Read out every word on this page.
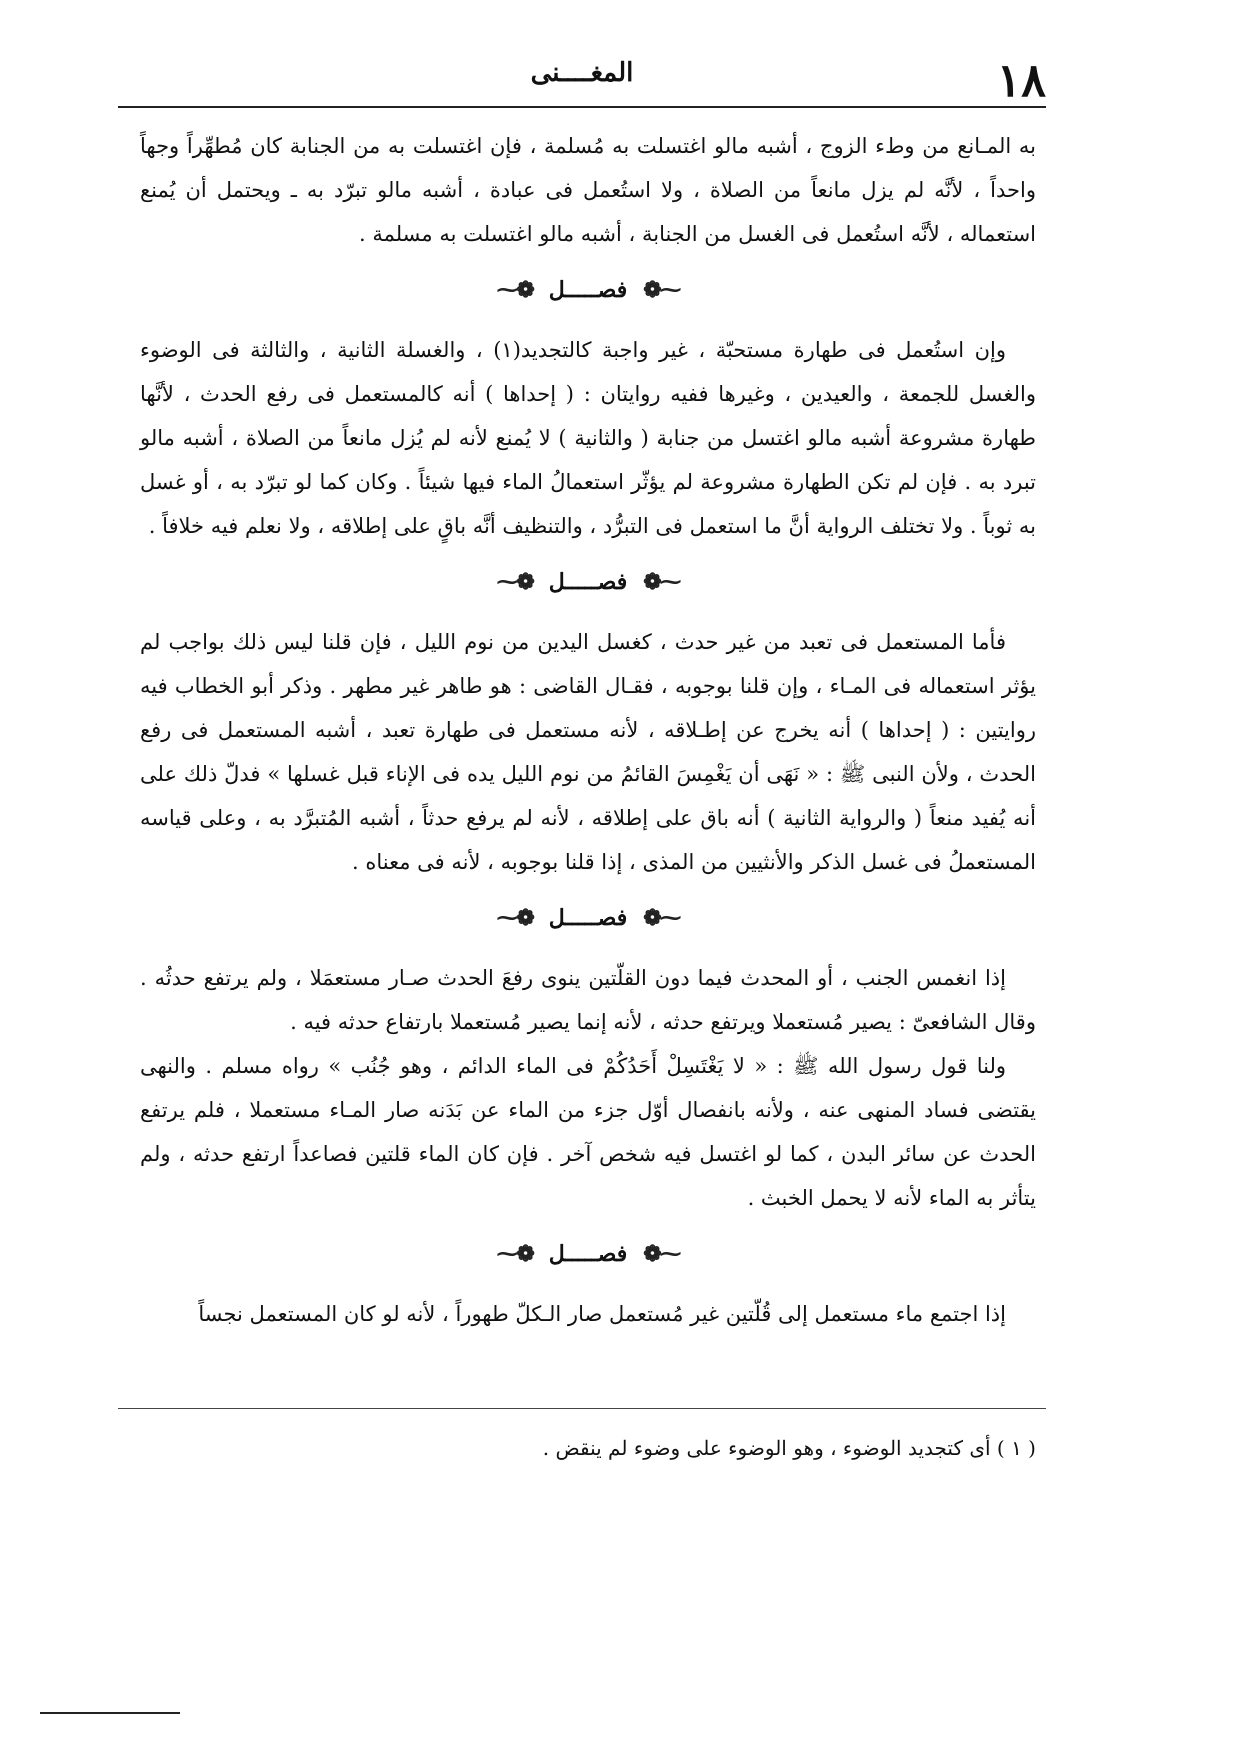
١٨
المغــــنى

به المـانع من وطء الزوج ، أشبه مالو اغتسلت به مُسلمة ، فإن اغتسلت به من الجنابة كان مُطهِّراً وجهاً واحداً ، لأنَّه لم يزل مانعاً من الصلاة ، ولا استُعمل فى عبادة ، أشبه مالو تبرّد به ـ ويحتمل أن يُمنع استعماله ، لأنَّه استُعمل فى الغسل من الجنابة ، أشبه مالو اغتسلت به مسلمة .

⁓❁
فصـــــل
❁⁓

وإن استُعمل فى طهارة مستحبّة ، غير واجبة كالتجديد(١) ، والغسلة الثانية ، والثالثة فى الوضوء والغسل للجمعة ، والعيدين ، وغيرها ففيه روايتان : ( إحداها ) أنه كالمستعمل فى رفع الحدث ، لأنَّها طهارة مشروعة أشبه مالو اغتسل من جنابة ( والثانية ) لا يُمنع لأنه لم يُزل مانعاً من الصلاة ، أشبه مالو تبرد به . فإن لم تكن الطهارة مشروعة لم يؤثّر استعمالُ الماء فيها شيئاً . وكان كما لو تبرّد به ، أو غسل به ثوباً . ولا تختلف الرواية أنَّ ما استعمل فى التبرُّد ، والتنظيف أنَّه باقٍ على إطلاقه ، ولا نعلم فيه خلافاً .

⁓❁
فصـــــل
❁⁓

فأما المستعمل فى تعبد من غير حدث ، كغسل اليدين من نوم الليل ، فإن قلنا ليس ذلك بواجب لم يؤثر استعماله فى المـاء ، وإن قلنا بوجوبه ، فقـال القاضى : هو طاهر غير مطهر . وذكر أبو الخطاب فيه روايتين : ( إحداها ) أنه يخرج عن إطـلاقه ، لأنه مستعمل فى طهارة تعبد ، أشبه المستعمل فى رفع الحدث ، ولأن النبى ﷺ : « نَهَى أن يَغْمِسَ القائمُ من نوم الليل يده فى الإناء قبل غسلها » فدلّ ذلك على أنه يُفيد منعاً ( والرواية الثانية ) أنه باق على إطلاقه ، لأنه لم يرفع حدثاً ، أشبه المُتبرَّد به ، وعلى قياسه المستعملُ فى غسل الذكر والأنثيين من المذى ، إذا قلنا بوجوبه ، لأنه فى معناه .

⁓❁
فصـــــل
❁⁓

إذا انغمس الجنب ، أو المحدث فيما دون القلّتين ينوى رفعَ الحدث صـار مستعمَلا ، ولم يرتفع حدثُه . وقال الشافعىّ : يصير مُستعملا ويرتفع حدثه ، لأنه إنما يصير مُستعملا بارتفاع حدثه فيه .

ولنا قول رسول الله ﷺ : « لا يَغْتَسِلْ أَحَدُكُمْ فى الماء الدائم ، وهو جُنُب » رواه مسلم . والنهى يقتضى فساد المنهى عنه ، ولأنه بانفصال أوّل جزء من الماء عن بَدَنه صار المـاء مستعملا ، فلم يرتفع الحدث عن سائر البدن ، كما لو اغتسل فيه شخص آخر . فإن كان الماء قلتين فصاعداً ارتفع حدثه ، ولم يتأثر به الماء لأنه لا يحمل الخبث .

⁓❁
فصـــــل
❁⁓

إذا اجتمع ماء مستعمل إلى قُلّتين غير مُستعمل صار الـكلّ طهوراً ، لأنه لو كان المستعمل نجساً

( ١ ) أى كتجديد الوضوء ، وهو الوضوء على وضوء لم ينقض .
